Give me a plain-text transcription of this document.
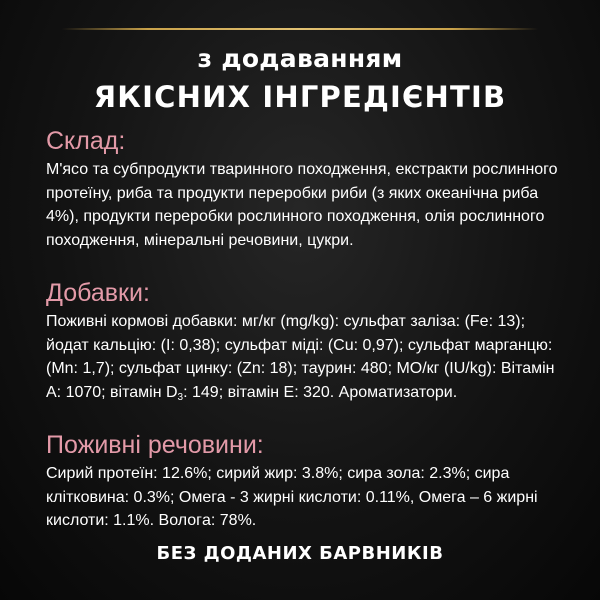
з додаванням
ЯКІСНИХ ІНГРЕДІЄНТІВ
Склад:

М'ясо та субпродукти тваринного походження, екстракти рослинного протеїну, риба та продукти переробки риби (з яких океанічна риба 4%), продукти переробки рослинного походження, олія рослинного походження, мінеральні речовини, цукри.

Добавки:

Поживні кормові добавки: мг/кг (mg/kg): сульфат заліза: (Fe: 13); йодат кальцію: (I: 0,38); сульфат міді: (Cu: 0,97); сульфат марганцю: (Mn: 1,7); сульфат цинку: (Zn: 18); таурин: 480; МО/кг (IU/kg): Вітамін А: 1070; вітамін $D_3$: 149; вітамін Е: 320. Ароматизатори.

Поживні речовини:

Сирий протеїн: 12.6%; сирий жир: 3.8%; сира зола: 2.3%; сира клітковина: 0.3%; Омега - 3 жирні кислоти: 0.11%, Омега – 6 жирні кислоти: 1.1%. Вологa: 78%.

БЕЗ ДОДАНИХ БАРВНИКІВ
